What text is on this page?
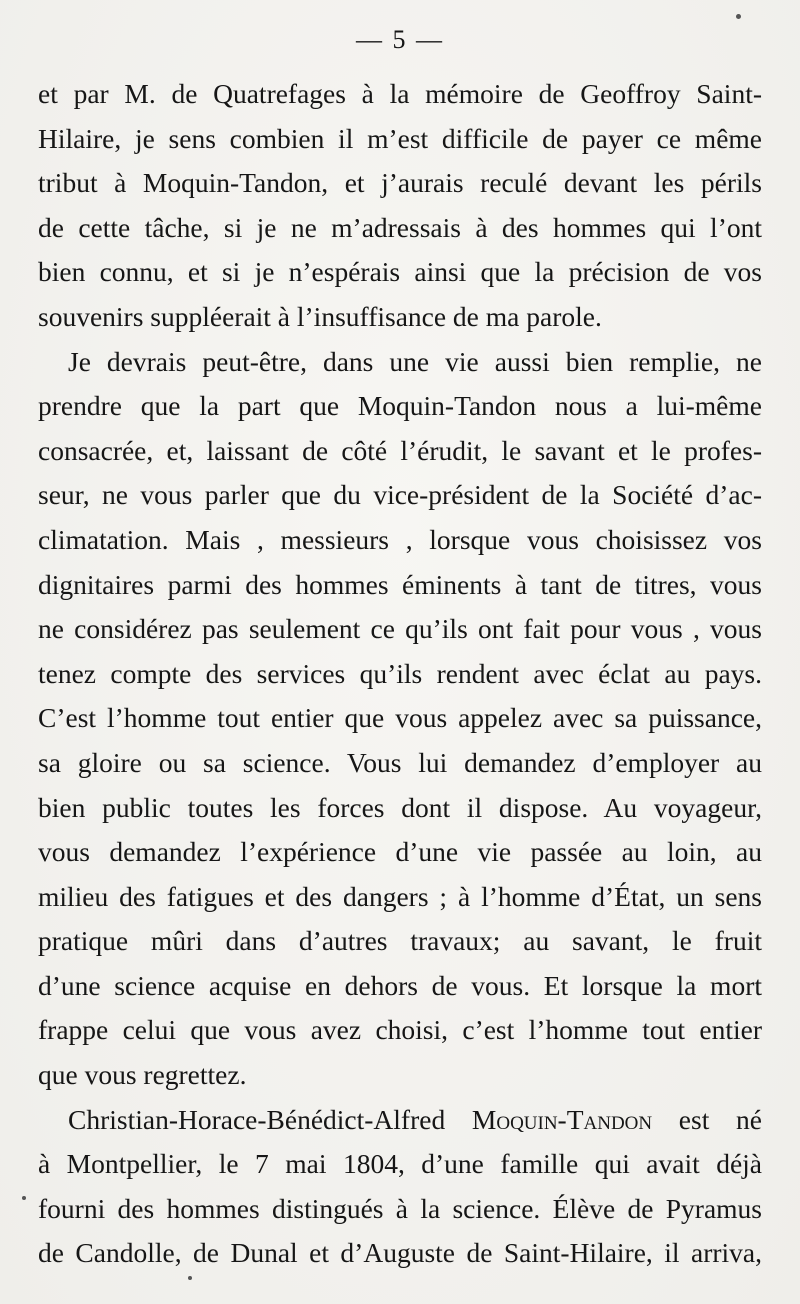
— 5 —
et par M. de Quatrefages à la mémoire de Geoffroy Saint-
Hilaire, je sens combien il m’est difficile de payer ce même
tribut à Moquin-Tandon, et j’aurais reculé devant les périls
de cette tâche, si je ne m’adressais à des hommes qui l’ont
bien connu, et si je n’espérais ainsi que la précision de vos
souvenirs suppléerait à l’insuffisance de ma parole.
Je devrais peut-être, dans une vie aussi bien remplie, ne
prendre que la part que Moquin-Tandon nous a lui-même
consacrée, et, laissant de côté l’érudit, le savant et le profes-
seur, ne vous parler que du vice-président de la Société d’ac-
climatation. Mais , messieurs , lorsque vous choisissez vos
dignitaires parmi des hommes éminents à tant de titres, vous
ne considérez pas seulement ce qu’ils ont fait pour vous , vous
tenez compte des services qu’ils rendent avec éclat au pays.
C’est l’homme tout entier que vous appelez avec sa puissance,
sa gloire ou sa science. Vous lui demandez d’employer au
bien public toutes les forces dont il dispose. Au voyageur,
vous demandez l’expérience d’une vie passée au loin, au
milieu des fatigues et des dangers ; à l’homme d’État, un sens
pratique mûri dans d’autres travaux; au savant, le fruit
d’une science acquise en dehors de vous. Et lorsque la mort
frappe celui que vous avez choisi, c’est l’homme tout entier
que vous regrettez.
Christian-Horace-Bénédict-Alfred Moquin-Tandon est né
à Montpellier, le 7 mai 1804, d’une famille qui avait déjà
fourni des hommes distingués à la science. Élève de Pyramus
de Candolle, de Dunal et d’Auguste de Saint-Hilaire, il arriva,
